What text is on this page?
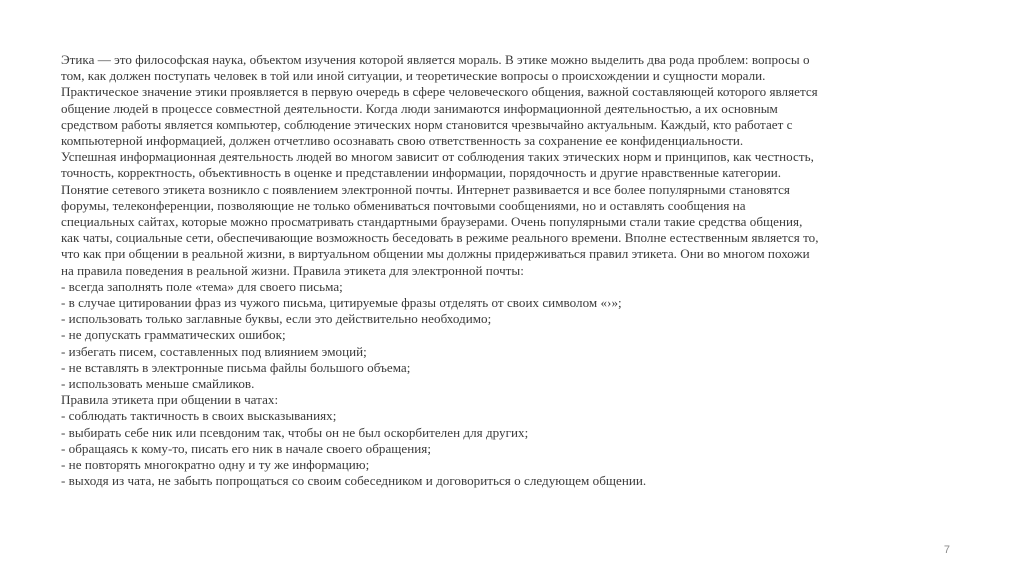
Этика — это философская наука, объектом изучения которой является мораль. В этике можно выделить два рода проблем: вопросы о
том, как должен поступать человек в той или иной ситуации, и теоретические вопросы о происхождении и сущности морали.
Практическое значение этики проявляется в первую очередь в сфере человеческого общения, важной составляющей которого является
общение людей в процессе совместной деятельности. Когда люди занимаются информационной деятельностью, а их основным
средством работы является компьютер, соблюдение этических норм становится чрезвычайно актуальным. Каждый, кто работает с
компьютерной информацией, должен отчетливо осознавать свою ответственность за сохранение ее конфиденциальности.
Успешная информационная деятельность людей во многом зависит от соблюдения таких этических норм и принципов, как честность,
точность, корректность, объективность в оценке и представлении информации, порядочность и другие нравственные категории.
Понятие сетевого этикета возникло с появлением электронной почты. Интернет развивается и все более популярными становятся
форумы, телеконференции, позволяющие не только обмениваться почтовыми сообщениями, но и оставлять сообщения на
специальных сайтах, которые можно просматривать стандартными браузерами. Очень популярными стали такие средства общения,
как чаты, социальные сети, обеспечивающие возможность беседовать в режиме реального времени. Вполне естественным является то,
что как при общении в реальной жизни, в виртуальном общении мы должны придерживаться правил этикета. Они во многом похожи
на правила поведения в реальной жизни. Правила этикета для электронной почты:
- всегда заполнять поле «тема» для своего письма;
- в случае цитировании фраз из чужого письма, цитируемые фразы отделять от своих символом «›»;
- использовать только заглавные буквы, если это действительно необходимо;
- не допускать грамматических ошибок;
- избегать писем, составленных под влиянием эмоций;
- не вставлять в электронные письма файлы большого объема;
- использовать меньше смайликов.
Правила этикета при общении в чатах:
- соблюдать тактичность в своих высказываниях;
- выбирать себе ник или псевдоним так, чтобы он не был оскорбителен для других;
- обращаясь к кому-то, писать его ник в начале своего обращения;
- не повторять многократно одну и ту же информацию;
- выходя из чата, не забыть попрощаться со своим собеседником и договориться о следующем общении.
7
